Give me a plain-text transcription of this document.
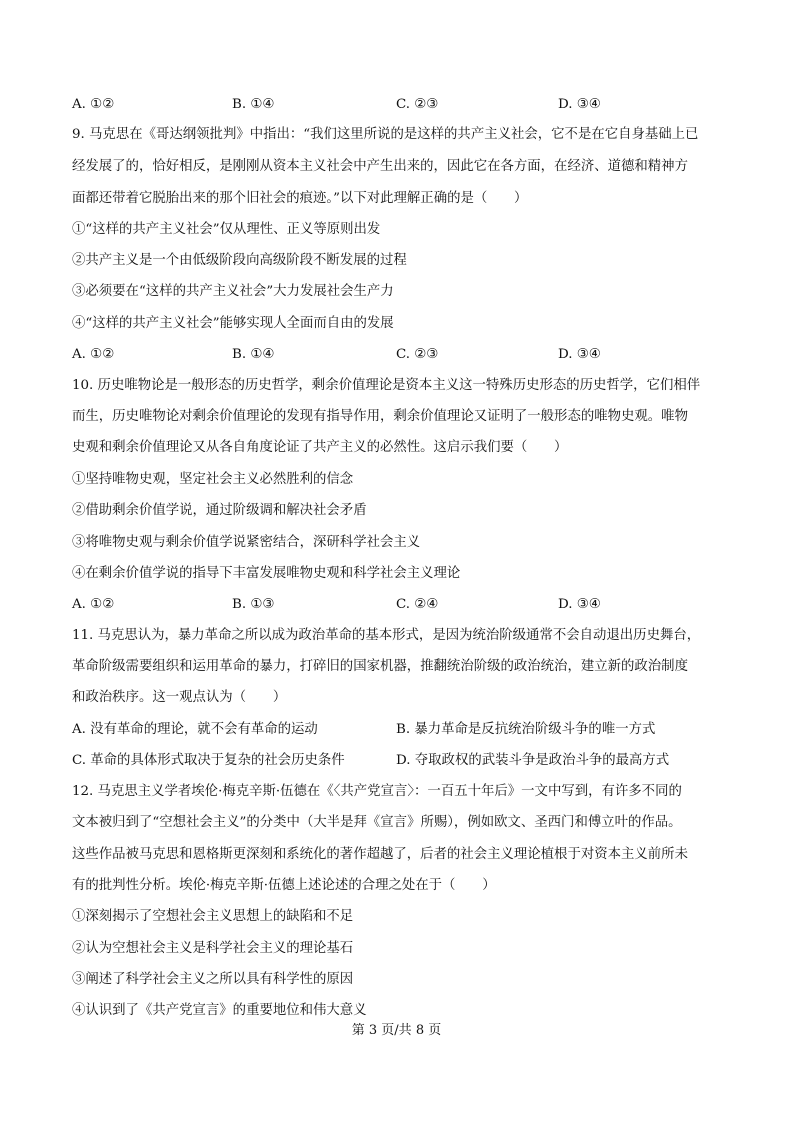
A. ①②	B. ①④	C. ②③	D. ③④
9. 马克思在《哥达纲领批判》中指出：“我们这里所说的是这样的共产主义社会，它不是在它自身基础上已
经发展了的，恰好相反，是刚刚从资本主义社会中产生出来的，因此它在各方面，在经济、道德和精神方
面都还带着它脱胎出来的那个旧社会的痕迹。”以下对此理解正确的是（　　）
①“这样的共产主义社会”仅从理性、正义等原则出发
②共产主义是一个由低级阶段向高级阶段不断发展的过程
③必须要在“这样的共产主义社会”大力发展社会生产力
④“这样的共产主义社会”能够实现人全面而自由的发展
A. ①②	B. ①④	C. ②③	D. ③④
10. 历史唯物论是一般形态的历史哲学，剩余价值理论是资本主义这一特殊历史形态的历史哲学，它们相伴
而生，历史唯物论对剩余价值理论的发现有指导作用，剩余价值理论又证明了一般形态的唯物史观。唯物
史观和剩余价值理论又从各自角度论证了共产主义的必然性。这启示我们要（　　）
①坚持唯物史观，坚定社会主义必然胜利的信念
②借助剩余价值学说，通过阶级调和解决社会矛盾
③将唯物史观与剩余价值学说紧密结合，深研科学社会主义
④在剩余价值学说的指导下丰富发展唯物史观和科学社会主义理论
A. ①②	B. ①③	C. ②④	D. ③④
11. 马克思认为，暴力革命之所以成为政治革命的基本形式，是因为统治阶级通常不会自动退出历史舞台，
革命阶级需要组织和运用革命的暴力，打碎旧的国家机器，推翻统治阶级的政治统治，建立新的政治制度
和政治秩序。这一观点认为（　　）
A. 没有革命的理论，就不会有革命的运动	B. 暴力革命是反抗统治阶级斗争的唯一方式
C. 革命的具体形式取决于复杂的社会历史条件	D. 夺取政权的武装斗争是政治斗争的最高方式
12. 马克思主义学者埃伦·梅克辛斯·伍德在《〈共产党宣言〉：一百五十年后》一文中写到，有许多不同的
文本被归到了“空想社会主义”的分类中（大半是拜《宣言》所赐），例如欧文、圣西门和傅立叶的作品。
这些作品被马克思和恩格斯更深刻和系统化的著作超越了，后者的社会主义理论植根于对资本主义前所未
有的批判性分析。埃伦·梅克辛斯·伍德上述论述的合理之处在于（　　）
①深刻揭示了空想社会主义思想上的缺陷和不足
②认为空想社会主义是科学社会主义的理论基石
③阐述了科学社会主义之所以具有科学性的原因
④认识到了《共产党宣言》的重要地位和伟大意义
第 3 页/共 8 页
